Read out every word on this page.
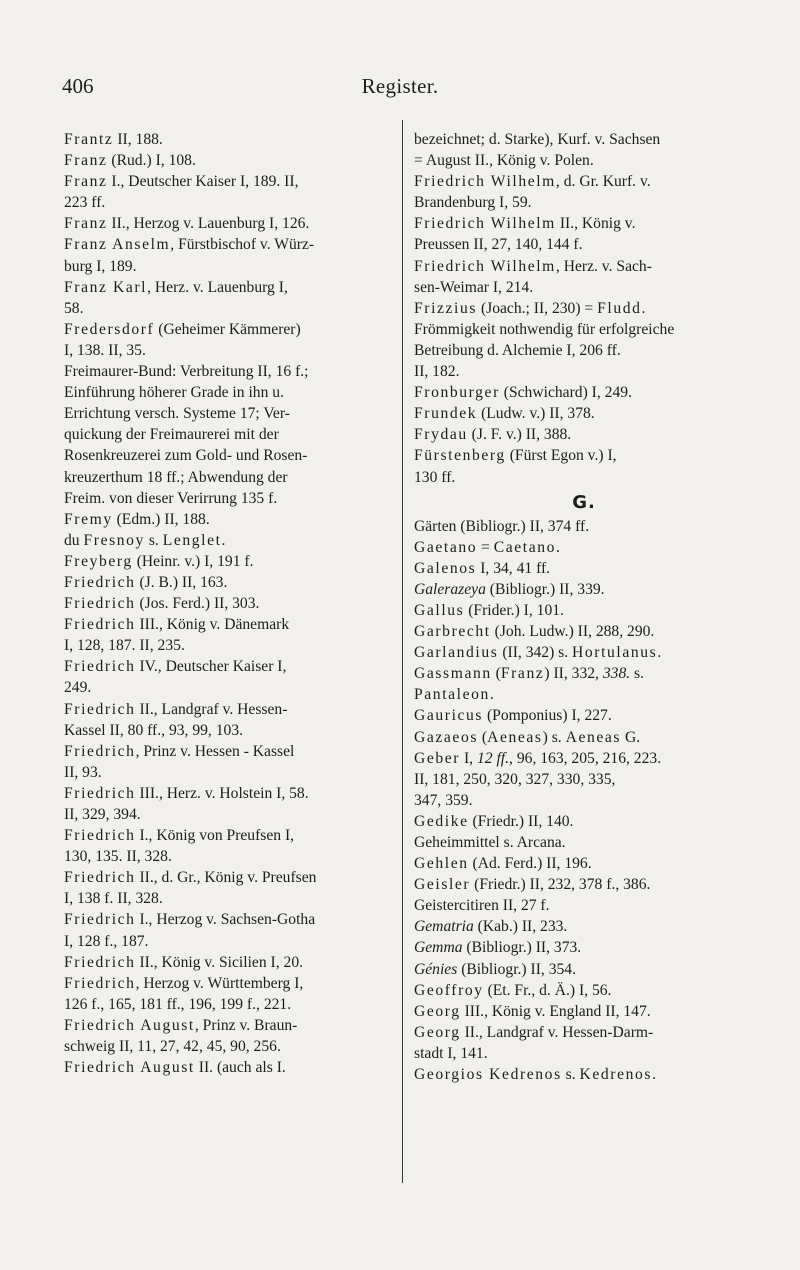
406	Register.
Frantz II, 188.
Franz (Rud.) I, 108.
Franz I., Deutscher Kaiser I, 189. II,
223 ff.
Franz II., Herzog v. Lauenburg I, 126.
Franz Anselm, Fürstbischof v. Würz-
burg I, 189.
Franz Karl, Herz. v. Lauenburg I,
58.
Fredersdorf (Geheimer Kämmerer)
I, 138. II, 35.
Freimaurer-Bund: Verbreitung II, 16 f.;
Einführung höherer Grade in ihn u.
Errichtung versch. Systeme 17; Ver-
quickung der Freimaurerei mit der
Rosenkreuzerei zum Gold- und Rosen-
kreuzerthum 18 ff.; Abwendung der
Freim. von dieser Verirrung 135 f.
Fremy (Edm.) II, 188.
du Fresnoy s. Lenglet.
Freyberg (Heinr. v.) I, 191 f.
Friedrich (J. B.) II, 163.
Friedrich (Jos. Ferd.) II, 303.
Friedrich III., König v. Dänemark
I, 128, 187. II, 235.
Friedrich IV., Deutscher Kaiser I,
249.
Friedrich II., Landgraf v. Hessen-
Kassel II, 80 ff., 93, 99, 103.
Friedrich, Prinz v. Hessen - Kassel
II, 93.
Friedrich III., Herz. v. Holstein I, 58.
II, 329, 394.
Friedrich I., König von Preufsen I,
130, 135. II, 328.
Friedrich II., d. Gr., König v. Preufsen
I, 138 f. II, 328.
Friedrich I., Herzog v. Sachsen-Gotha
I, 128 f., 187.
Friedrich II., König v. Sicilien I, 20.
Friedrich, Herzog v. Württemberg I,
126 f., 165, 181 ff., 196, 199 f., 221.
Friedrich August, Prinz v. Braun-
schweig II, 11, 27, 42, 45, 90, 256.
Friedrich August II. (auch als I.
bezeichnet; d. Starke), Kurf. v. Sachsen
= August II., König v. Polen.
Friedrich Wilhelm, d. Gr. Kurf. v.
Brandenburg I, 59.
Friedrich Wilhelm II., König v.
Preussen II, 27, 140, 144 f.
Friedrich Wilhelm, Herz. v. Sach-
sen-Weimar I, 214.
Frizzius (Joach.; II, 230) = Fludd.
Frömmigkeit nothwendig für erfolgreiche
Betreibung d. Alchemie I, 206 ff.
II, 182.
Fronburger (Schwichard) I, 249.
Frundek (Ludw. v.) II, 378.
Frydau (J. F. v.) II, 388.
Fürstenberg (Fürst Egon v.) I,
130 ff.
G.
Gärten (Bibliogr.) II, 374 ff.
Gaetano = Caetano.
Galenos I, 34, 41 ff.
Galerazeya (Bibliogr.) II, 339.
Gallus (Frider.) I, 101.
Garbrecht (Joh. Ludw.) II, 288, 290.
Garlandius (II, 342) s. Hortulanus.
Gassmann (Franz) II, 332, 338. s.
Pantaleon.
Gauricus (Pomponius) I, 227.
Gazaeos (Aeneas) s. Aeneas G.
Geber I, 12 ff., 96, 163, 205, 216, 223.
II, 181, 250, 320, 327, 330, 335,
347, 359.
Gedike (Friedr.) II, 140.
Geheimmittel s. Arcana.
Gehlen (Ad. Ferd.) II, 196.
Geisler (Friedr.) II, 232, 378 f., 386.
Geistercitiren II, 27 f.
Gematria (Kab.) II, 233.
Gemma (Bibliogr.) II, 373.
Génies (Bibliogr.) II, 354.
Geoffroy (Et. Fr., d. Ä.) I, 56.
Georg III., König v. England II, 147.
Georg II., Landgraf v. Hessen-Darm-
stadt I, 141.
Georgios Kedrenos s. Kedrenos.
